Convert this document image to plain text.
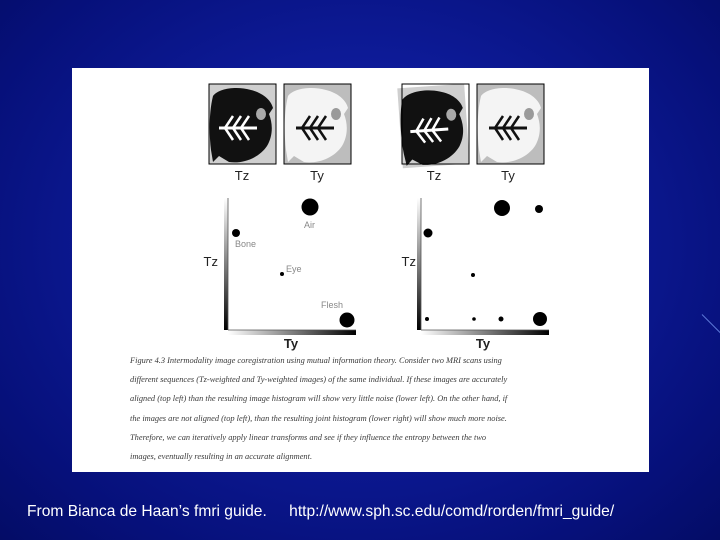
Tz	Ty	Tz	Ty
Tz
Ty
Air
Bone
Eye
Flesh
Tz
Ty
Figure 4.3 Intermodality image coregistration using mutual information theory. Consider two MRI scans using
different sequences (Tz-weighted and Ty-weighted images) of the same individual. If these images are accurately
aligned (top left) than the resulting image histogram will show very little noise (lower left). On the other hand, if
the images are not aligned (top left), than the resulting joint histogram (lower right) will show much more noise.
Therefore, we can iteratively apply linear transforms and see if they influence the entropy between the two
images, eventually resulting in an accurate alignment.
From Bianca de Haan’s fmri guide. http://www.sph.sc.edu/comd/rorden/fmri_guide/
